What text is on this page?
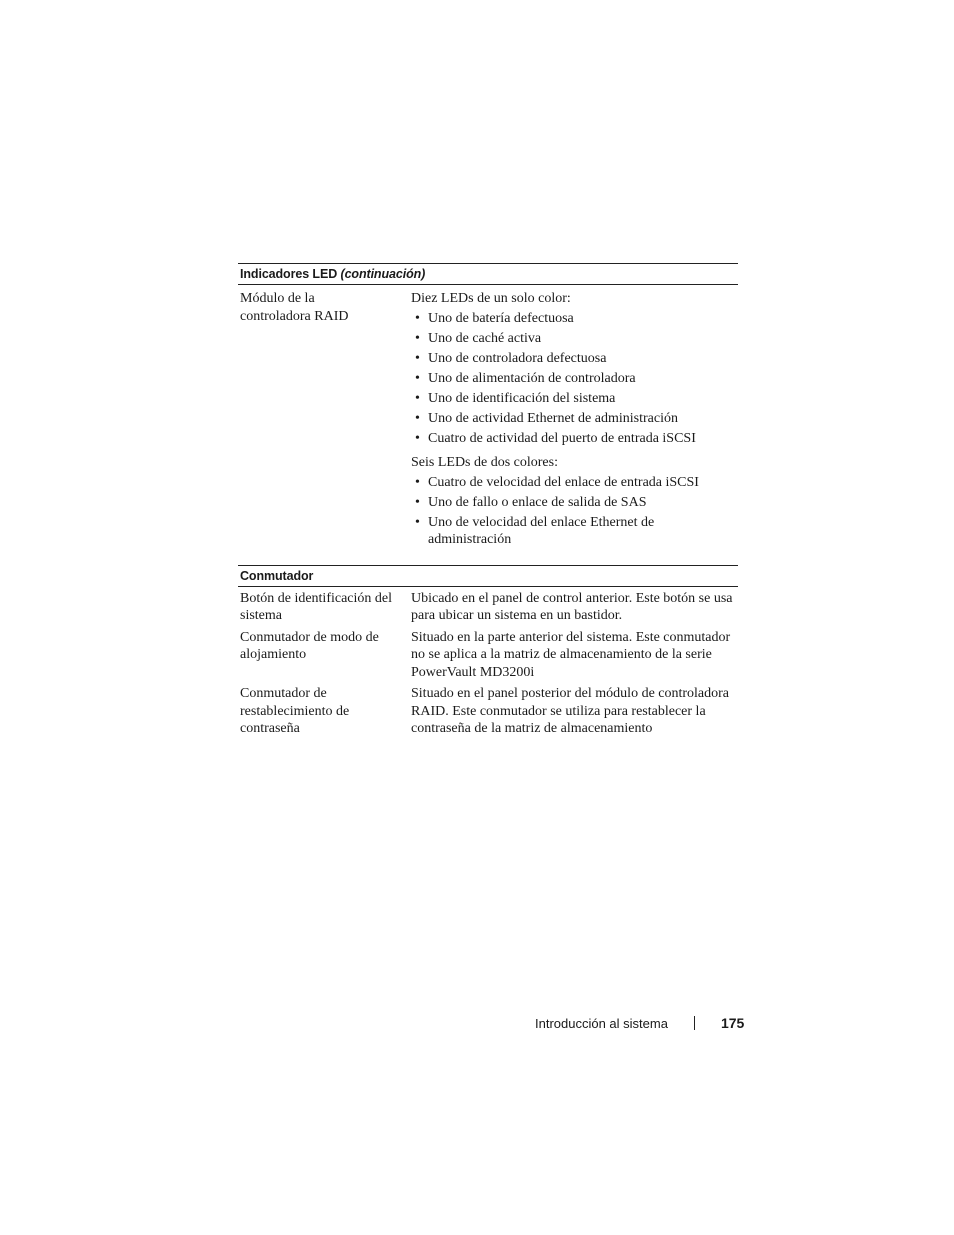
Indicadores LED (continuación)
Módulo de la controladora RAID
Diez LEDs de un solo color:
• Uno de batería defectuosa
• Uno de caché activa
• Uno de controladora defectuosa
• Uno de alimentación de controladora
• Uno de identificación del sistema
• Uno de actividad Ethernet de administración
• Cuatro de actividad del puerto de entrada iSCSI
Seis LEDs de dos colores:
• Cuatro de velocidad del enlace de entrada iSCSI
• Uno de fallo o enlace de salida de SAS
• Uno de velocidad del enlace Ethernet de administración
Conmutador
Botón de identificación del sistema
Ubicado en el panel de control anterior. Este botón se usa para ubicar un sistema en un bastidor.
Conmutador de modo de alojamiento
Situado en la parte anterior del sistema. Este conmutador no se aplica a la matriz de almacenamiento de la serie PowerVault MD3200i
Conmutador de restablecimiento de contraseña
Situado en el panel posterior del módulo de controladora RAID. Este conmutador se utiliza para restablecer la contraseña de la matriz de almacenamiento
Introducción al sistema	175
